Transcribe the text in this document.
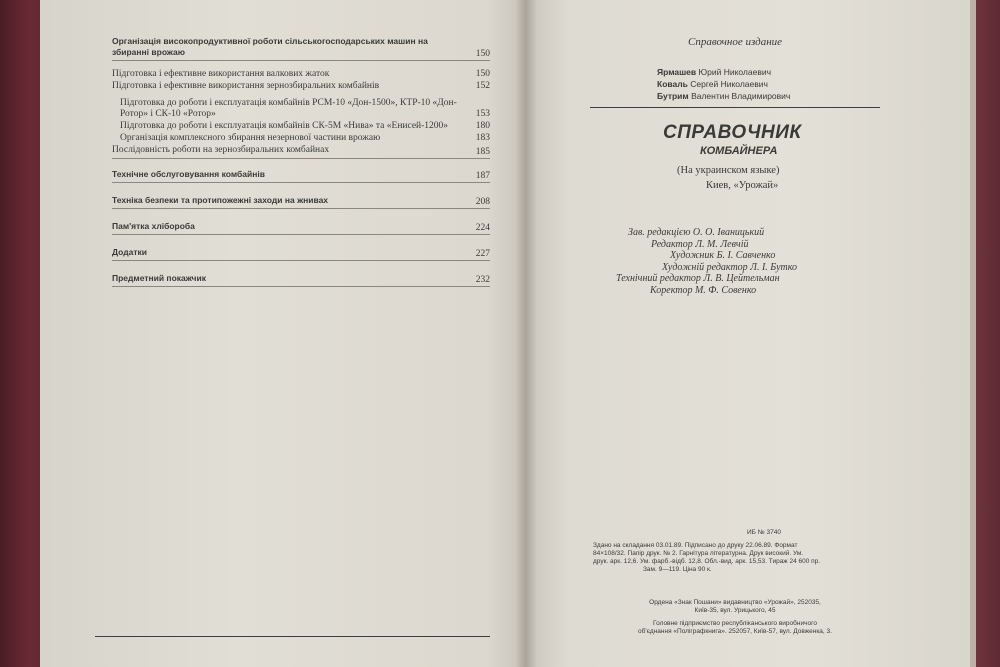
Організація високопродуктивної роботи сільськогосподарських машин на збиранні врожаю	150
Підготовка і ефективне використання валкових жаток	150
Підготовка і ефективне використання зернозбиральних комбайнів	152
Підготовка до роботи і експлуатація комбайнів РСМ-10 «Дон-1500», КТР-10 «Дон-Ротор» і СК-10 «Ротор»	153
Підготовка до роботи і експлуатація комбайнів СК-5М «Нива» та «Енисей-1200»	180
Організація комплексного збирання незернової частини врожаю	183
Послідовність роботи на зернозбиральних комбайнах	185
Технічне обслуговування комбайнів	187
Техніка безпеки та протипожежні заходи на жнивах	208
Пам'ятка хлібороба	224
Додатки	227
Предметний покажчик	232
Справочное издание
Ярмашев Юрий Николаевич
Коваль Сергей Николаевич
Бутрим Валентин Владимирович
СПРАВОЧНИК
КОМБАЙНЕРА
(На украинском языке)
Киев, «Урожай»
Зав. редакцією О. О. Іваницький
Редактор Л. М. Левчій
Художник Б. І. Савченко
Художній редактор Л. І. Бутко
Технічний редактор Л. В. Цейтельман
Коректор М. Ф. Совенко
ИБ № 3740
Здано на складання 03.01.89. Підписано до друку 22.06.89. Формат
84×108/32. Папір друк. № 2. Гарнітура літературна. Друк високий. Ум.
друк. арк. 12,6. Ум. фарб.-відб. 12,8. Обл.-вид. арк. 15,53. Тираж 24 600 пр.
Зам. 9—119. Ціна 90 к.
Ордена «Знак Пошани» видавництво «Урожай», 252035,
Київ-35, вул. Урицького, 45
Головне підприємство республіканського виробничого
об'єднання «Поліграфкнига». 252057, Київ-57, вул. Довженка, 3.
